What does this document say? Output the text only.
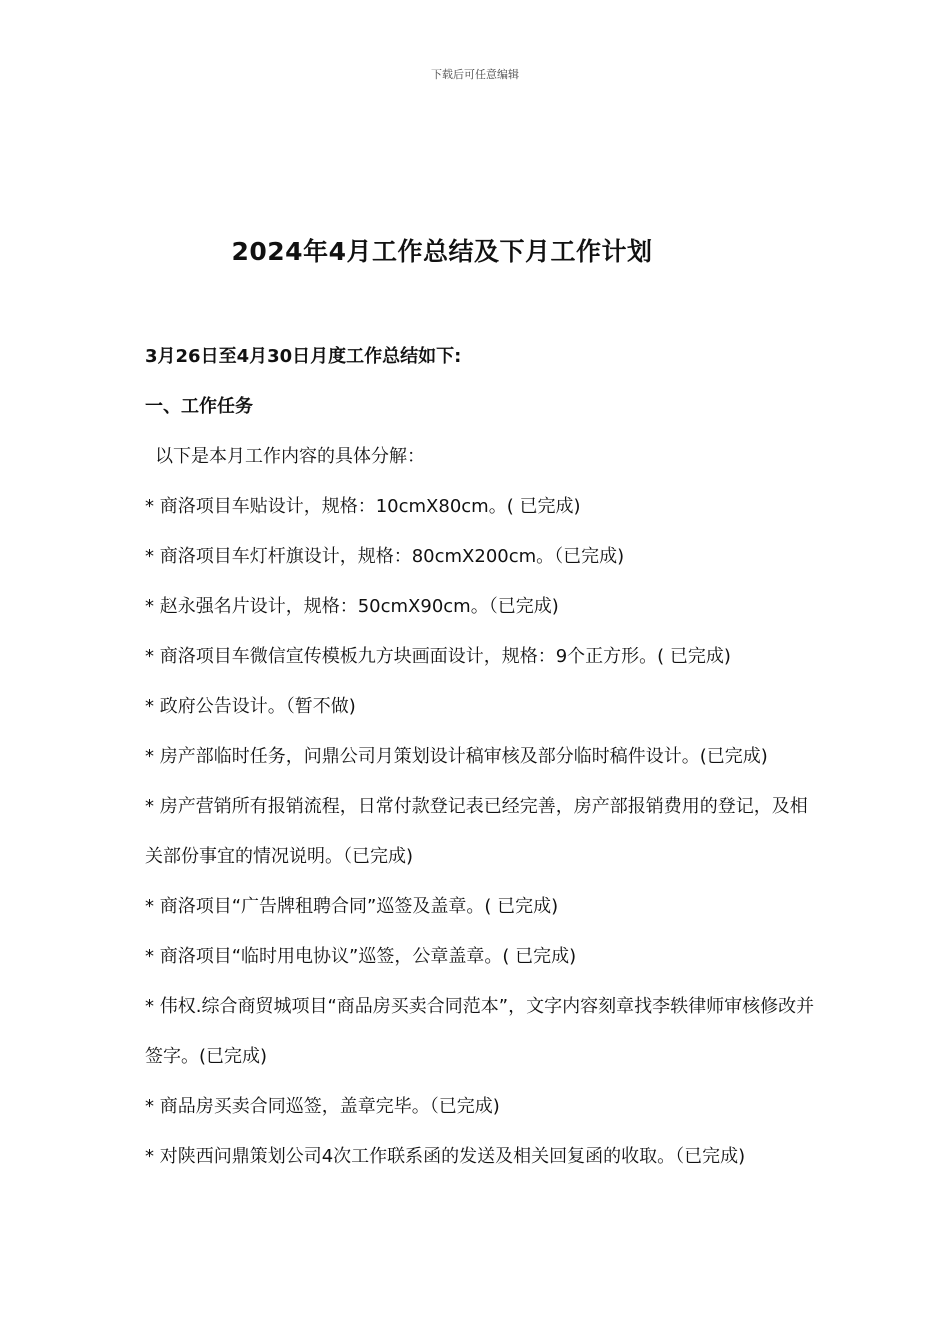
下载后可任意编辑
2024年4月工作总结及下月工作计划

3月26日至4月30日月度工作总结如下:

一、工作任务

以下是本月工作内容的具体分解：

* 商洛项目车贴设计，规格：10cmX80cm。( 已完成)

* 商洛项目车灯杆旗设计，规格：80cmX200cm。（已完成)

* 赵永强名片设计，规格：50cmX90cm。（已完成)

* 商洛项目车微信宣传模板九方块画面设计，规格：9个正方形。( 已完成)

* 政府公告设计。（暂不做)

* 房产部临时任务，问鼎公司月策划设计稿审核及部分临时稿件设计。(已完成)

* 房产营销所有报销流程，日常付款登记表已经完善，房产部报销费用的登记，及相关部份事宜的情况说明。（已完成)

* 商洛项目“广告牌租聘合同”巡签及盖章。( 已完成)

* 商洛项目“临时用电协议”巡签，公章盖章。( 已完成)

* 伟权.综合商贸城项目“商品房买卖合同范本”，文字内容刻章找李轶律师审核修改并签字。(已完成)

* 商品房买卖合同巡签，盖章完毕。（已完成)

* 对陕西问鼎策划公司4次工作联系函的发送及相关回复函的收取。（已完成)
